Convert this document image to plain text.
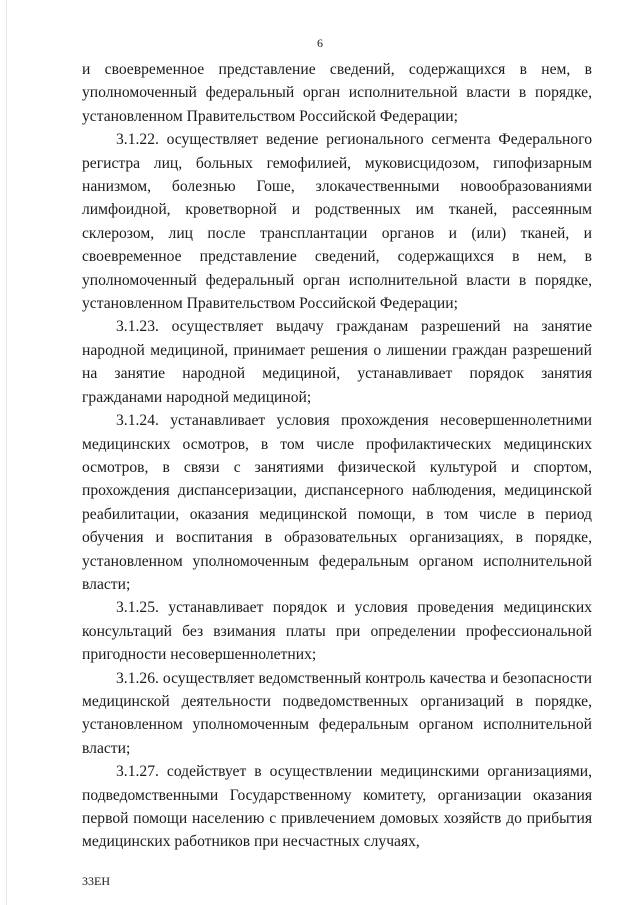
6

и своевременное представление сведений, содержащихся в нем, в уполномоченный федеральный орган исполнительной власти в порядке, установленном Правительством Российской Федерации;

3.1.22. осуществляет ведение регионального сегмента Федерального регистра лиц, больных гемофилией, муковисцидозом, гипофизарным нанизмом, болезнью Гоше, злокачественными новообразованиями лимфоидной, кроветворной и родственных им тканей, рассеянным склерозом, лиц после трансплантации органов и (или) тканей, и своевременное представление сведений, содержащихся в нем, в уполномоченный федеральный орган исполнительной власти в порядке, установленном Правительством Российской Федерации;

3.1.23. осуществляет выдачу гражданам разрешений на занятие народной медициной, принимает решения о лишении граждан разрешений на занятие народной медициной, устанавливает порядок занятия гражданами народной медициной;

3.1.24. устанавливает условия прохождения несовершеннолетними медицинских осмотров, в том числе профилактических медицинских осмотров, в связи с занятиями физической культурой и спортом, прохождения диспансеризации, диспансерного наблюдения, медицинской реабилитации, оказания медицинской помощи, в том числе в период обучения и воспитания в образовательных организациях, в порядке, установленном уполномоченным федеральным органом исполнительной власти;

3.1.25. устанавливает порядок и условия проведения медицинских консультаций без взимания платы при определении профессиональной пригодности несовершеннолетних;

3.1.26. осуществляет ведомственный контроль качества и безопасности медицинской деятельности подведомственных организаций в порядке, установленном уполномоченным федеральным органом исполнительной власти;

3.1.27. содействует в осуществлении медицинскими организациями, подведомственными Государственному комитету, организации оказания первой помощи населению с привлечением домовых хозяйств до прибытия медицинских работников при несчастных случаях,

33EH
